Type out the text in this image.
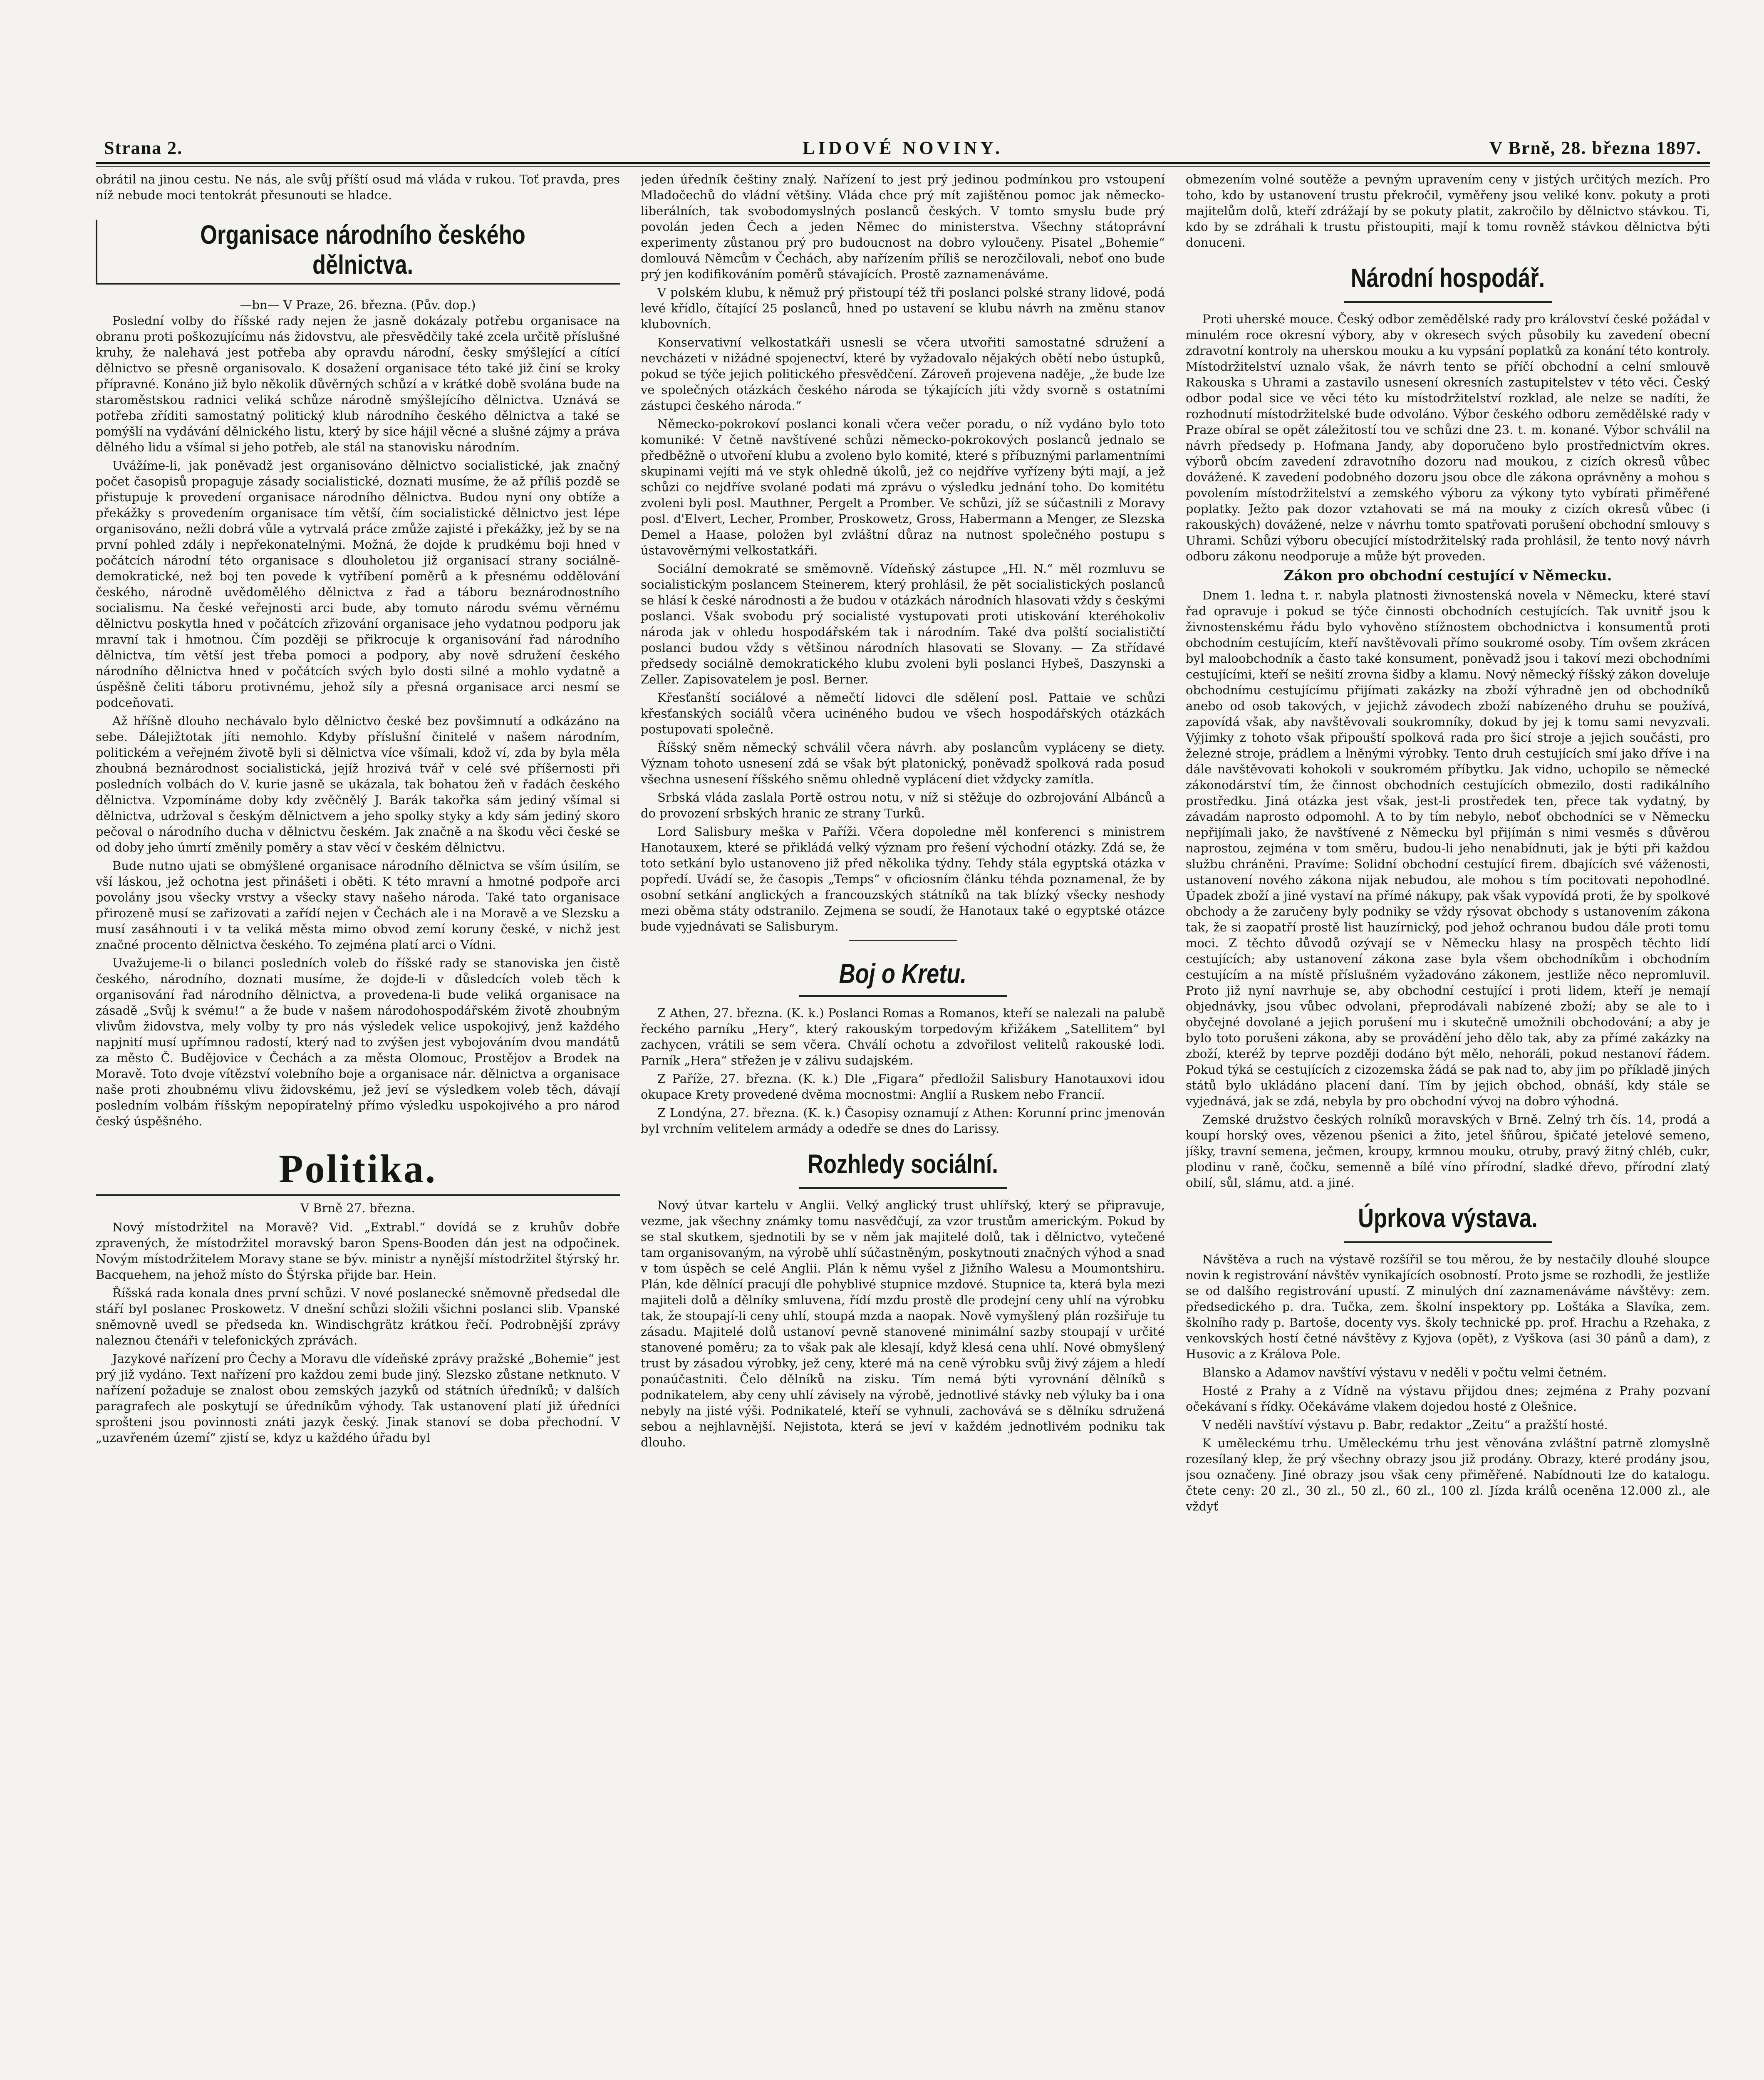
Strana 2.	LIDOVÉ NOVINY.	V Brně, 28. března 1897.

obrátil na jinou cestu. Ne nás, ale svůj příští osud má vláda v rukou. Toť pravda, pres níž nebude moci tentokrát přesunouti se hladce.

Organisace národního českého
dělnictva.
—bn— V Praze, 26. března. (Pův. dop.)

Poslední volby do říšské rady nejen že jasně dokázaly potřebu organisace na obranu proti poškozujícímu nás židovstvu, ale přesvědčily také zcela určitě příslušné kruhy, že nalehavá jest potřeba aby opravdu národní, česky smýšlející a cítící dělnictvo se přesně organisovalo. K dosažení organisace této také již činí se kroky přípravné. Konáno již bylo několik důvěrných schůzí a v krátké době svolána bude na staroměstskou radnici veliká schůze národně smýšlejícího dělnictva. Uznává se potřeba zříditi samostatný politický klub národního českého dělnictva a také se pomýšlí na vydávání dělnického listu, který by sice hájil věcné a slušné zájmy a práva dělného lidu a všímal si jeho potřeb, ale stál na stanovisku národním.

Uvážíme-li, jak poněvadž jest organisováno dělnictvo socialistické, jak značný počet časopisů propaguje zásady socialistické, doznati musíme, že až příliš pozdě se přistupuje k provedení organisace národního dělnictva. Budou nyní ony obtíže a překážky s provedením organisace tím větší, čím socialistické dělnictvo jest lépe organisováno, nežli dobrá vůle a vytrvalá práce zmůže zajisté i překážky, jež by se na první pohled zdály i nepřekonatelnými. Možná, že dojde k prudkému boji hned v počátcích národní této organisace s dlouholetou již organisací strany sociálně-demokratické, než boj ten povede k vytříbení poměrů a k přesnému oddělování českého, národně uvědomělého dělnictva z řad a táboru beznárodnostního socialismu. Na české veřejnosti arci bude, aby tomuto národu svému věrnému dělnictvu poskytla hned v počátcích zřizování organisace jeho vydatnou podporu jak mravní tak i hmotnou. Čím později se přikrocuje k organisování řad národního dělnictva, tím větší jest třeba pomoci a podpory, aby nově sdružení českého národního dělnictva hned v počátcích svých bylo dosti silné a mohlo vydatně a úspěšně čeliti táboru protivnému, jehož síly a přesná organisace arci nesmí se podceňovati.

Až hříšně dlouho nechávalo bylo dělnictvo české bez povšimnutí a odkázáno na sebe. Dálejižtotak jíti nemohlo. Kdyby příslušní činitelé v našem národním, politickém a veřejném životě byli si dělnictva více všímali, kdož ví, zda by byla měla zhoubná beznárodnost socialistická, jejíž hrozivá tvář v celé své příšernosti při posledních volbách do V. kurie jasně se ukázala, tak bohatou žeň v řadách českého dělnictva. Vzpomínáme doby kdy zvěčnělý J. Barák takořka sám jediný všímal si dělnictva, udržoval s českým dělnictvem a jeho spolky styky a kdy sám jediný skoro pečoval o národního ducha v dělnictvu českém. Jak značně a na škodu věci české se od doby jeho úmrtí změnily poměry a stav věcí v českém dělnictvu.

Bude nutno ujati se obmýšlené organisace národního dělnictva se vším úsilím, se vší láskou, jež ochotna jest přinášeti i oběti. K této mravní a hmotné podpoře arci povolány jsou všecky vrstvy a všecky stavy našeho národa. Také tato organisace přirozeně musí se zařizovati a zařídí nejen v Čechách ale i na Moravě a ve Slezsku a musí zasáhnouti i v ta veliká města mimo obvod zemí koruny české, v nichž jest značné procento dělnictva českého. To zejména platí arci o Vídni.

Uvažujeme-li o bilanci posledních voleb do říšské rady se stanoviska jen čistě českého, národního, doznati musíme, že dojde-li v důsledcích voleb těch k organisování řad národního dělnictva, a provedena-li bude veliká organisace na zásadě „Svůj k svému!“ a že bude v našem národohospodářském životě zhoubným vlivům židovstva, mely volby ty pro nás výsledek velice uspokojivý, jenž každého napjnití musí upřímnou radostí, který nad to zvýšen jest vybojováním dvou mandátů za město Č. Budějovice v Čechách a za města Olomouc, Prostějov a Brodek na Moravě. Toto dvoje vítězství volebního boje a organisace nár. dělnictva a organisace naše proti zhoubnému vlivu židovskému, jež jeví se výsledkem voleb těch, dávají posledním volbám říšským nepopíratelný přímo výsledku uspokojivého a pro národ český úspěšného.

Politika.
V Brně 27. března.

Nový místodržitel na Moravě? Vid. „Extrabl.“ dovídá se z kruhův dobře zpravených, že místodržitel moravský baron Spens-Booden dán jest na odpočinek. Novým místodržitelem Moravy stane se býv. ministr a nynější místodržitel štýrský hr. Bacquehem, na jehož místo do Štýrska přijde bar. Hein.

Říšská rada konala dnes první schůzi. V nové poslanecké sněmovně předsedal dle stáří byl poslanec Proskowetz. V dnešní schůzi složili všichni poslanci slib. Vpanské sněmovně uvedl se předseda kn. Windischgrätz krátkou řečí. Podrobnější zprávy naleznou čtenáři v telefonických zprávách.

Jazykové nařízení pro Čechy a Moravu dle vídeňské zprávy pražské „Bohemie“ jest prý již vydáno. Text nařízení pro každou zemi bude jiný. Slezsko zůstane netknuto. V nařízení požaduje se znalost obou zemských jazyků od státních úředníků; v dalších paragrafech ale poskytují se úředníkům výhody. Tak ustanovení platí již úředníci sprošteni jsou povinnosti znáti jazyk český. Jinak stanoví se doba přechodní. V „uzavřeném území“ zjistí se, kdyz u každého úřadu byl

jeden úředník češtiny znalý. Nařízení to jest prý jedinou podmínkou pro vstoupení Mladočechů do vládní většiny. Vláda chce prý mít zajištěnou pomoc jak německo-liberálních, tak svobodomyslných poslanců českých. V tomto smyslu bude prý povolán jeden Čech a jeden Němec do ministerstva. Všechny státoprávní experimenty zůstanou prý pro budoucnost na dobro vyloučeny. Pisatel „Bohemie“ domlouvá Němcům v Čechách, aby nařízením příliš se nerozčilovali, neboť ono bude prý jen kodifikováním poměrů stávajících. Prostě zaznamenáváme.

V polském klubu, k němuž prý přistoupí též tři poslanci polské strany lidové, podá levé křídlo, čítající 25 poslanců, hned po ustavení se klubu návrh na změnu stanov klubovních.

Konservativní velkostatkáři usnesli se včera utvořiti samostatné sdružení a nevcházeti v nižádné spojenectví, které by vyžadovalo nějakých obětí nebo ústupků, pokud se týče jejich politického přesvědčení. Zároveň projevena naděje, „že bude lze ve společných otázkách českého národa se týkajících jíti vždy svorně s ostatními zástupci českého národa.“

Německo-pokrokoví poslanci konali včera večer poradu, o níž vydáno bylo toto komuniké: V četně navštívené schůzi německo-pokrokových poslanců jednalo se předběžně o utvoření klubu a zvoleno bylo komité, které s příbuznými parlamentními skupinami vejíti má ve styk ohledně úkolů, jež co nejdříve vyřízeny býti mají, a jež schůzi co nejdříve svolané podati má zprávu o výsledku jednání toho. Do komitétu zvoleni byli posl. Mauthner, Pergelt a Promber. Ve schůzi, jíž se súčastnili z Moravy posl. d'Elvert, Lecher, Promber, Proskowetz, Gross, Habermann a Menger, ze Slezska Demel a Haase, položen byl zvláštní důraz na nutnost společného postupu s ústavověrnými velkostatkáři.

Sociální demokraté se směmovně. Vídeňský zástupce „Hl. N.“ měl rozmluvu se socialistickým poslancem Steinerem, který prohlásil, že pět socialistických poslanců se hlásí k české národnosti a že budou v otázkách národních hlasovati vždy s českými poslanci. Však svobodu prý socialisté vystupovati proti utiskování kteréhokoliv národa jak v ohledu hospodářském tak i národním. Také dva polští socialističtí poslanci budou vždy s většinou národních hlasovati se Slovany. — Za střídavé předsedy sociálně demokratického klubu zvoleni byli poslanci Hybeš, Daszynski a Zeller. Zapisovatelem je posl. Berner.

Křesťanští sociálové a němečtí lidovci dle sdělení posl. Pattaie ve schůzi křesťanských sociálů včera ucinéného budou ve všech hospodářských otázkách postupovati společně.

Říšský sněm německý schválil včera návrh. aby poslancům vypláceny se diety. Význam tohoto usnesení zdá se však být platonický, poněvadž spolková rada posud všechna usnesení říšského sněmu ohledně vyplácení diet vždycky zamítla.

Srbská vláda zaslala Portě ostrou notu, v níž si stěžuje do ozbrojování Albánců a do provození srbských hranic ze strany Turků.

Lord Salisbury meška v Paříži. Včera dopoledne měl konferenci s ministrem Hanotauxem, které se přikládá velký význam pro řešení východní otázky. Zdá se, že toto setkání bylo ustanoveno již před několika týdny. Tehdy stála egyptská otázka v popředí. Uvádí se, že časopis „Temps“ v oficiosním článku téhda poznamenal, že by osobní setkání anglických a francouzských státníků na tak blízký všecky neshody mezi oběma státy odstranilo. Zejmena se soudí, že Hanotaux také o egyptské otázce bude vyjednávati se Salisburym.

Boj o Kretu.

Z Athen, 27. března. (K. k.) Poslanci Romas a Romanos, kteří se nalezali na palubě řeckého parníku „Hery“, který rakouským torpedovým křižákem „Satellitem“ byl zachycen, vrátili se sem včera. Chválí ochotu a zdvořilost velitelů rakouské lodi. Parník „Hera“ střežen je v zálivu sudajském.

Z Paříže, 27. března. (K. k.) Dle „Figara“ předložil Salisbury Hanotauxovi idou okupace Krety provedené dvěma mocnostmi: Anglií a Ruskem nebo Francií.

Z Londýna, 27. března. (K. k.) Časopisy oznamují z Athen: Korunní princ jmenován byl vrchním velitelem armády a odedře se dnes do Larissy.

Rozhledy sociální.

Nový útvar kartelu v Anglii. Velký anglický trust uhlířský, který se připravuje, vezme, jak všechny známky tomu nasvědčují, za vzor trustům americkým. Pokud by se stal skutkem, sjednotili by se v něm jak majitelé dolů, tak i dělnictvo, vytečené tam organisovaným, na výrobě uhlí súčastněným, poskytnouti značných výhod a snad v tom úspěch se celé Anglii. Plán k němu vyšel z Jižního Walesu a Moumontshiru. Plán, kde dělnící pracují dle pohyblivé stupnice mzdové. Stupnice ta, která byla mezi majiteli dolů a dělníky smluvena, řídí mzdu prostě dle prodejní ceny uhlí na výrobku tak, že stoupají-li ceny uhlí, stoupá mzda a naopak. Nově vymyšlený plán rozšiřuje tu zásadu. Majitelé dolů ustanoví pevně stanovené minimální sazby stoupají v určité stanovené poměru; za to však pak ale klesají, když klesá cena uhlí. Nové obmyšlený trust by zásadou výrobky, jež ceny, které má na ceně výrobku svůj živý zájem a hledí ponaúčastniti. Čelo dělníků na zisku. Tím nemá býti vyrovnání dělníků s podnikatelem, aby ceny uhlí závisely na výrobě, jednotlivé stávky neb výluky ba i ona nebyly na jisté výši. Podnikatelé, kteří se vyhnuli, zachovává se s dělníku sdružená sebou a nejhlavnější. Nejistota, která se jeví v každém jednotlivém podniku tak dlouho.

obmezením volné soutěže a pevným upravením ceny v jistých určitých mezích. Pro toho, kdo by ustanovení trustu překročil, vyměřeny jsou veliké konv. pokuty a proti majitelům dolů, kteří zdrážají by se pokuty platit, zakročilo by dělnictvo stávkou. Ti, kdo by se zdráhali k trustu přistoupiti, mají k tomu rovněž stávkou dělnictva býti donuceni.

Národní hospodář.

Proti uherské mouce. Český odbor zemědělské rady pro království české požádal v minulém roce okresní výbory, aby v okresech svých působily ku zavedení obecní zdravotní kontroly na uherskou mouku a ku vypsání poplatků za konání této kontroly. Místodržitelství uznalo však, že návrh tento se příčí obchodní a celní smlouvě Rakouska s Uhrami a zastavilo usnesení okresních zastupitelstev v této věci. Český odbor podal sice ve věci této ku místodržitelství rozklad, ale nelze se nadíti, že rozhodnutí místodržitelské bude odvoláno. Výbor českého odboru zemědělské rady v Praze obíral se opět záležitostí tou ve schůzi dne 23. t. m. konané. Výbor schválil na návrh předsedy p. Hofmana Jandy, aby doporučeno bylo prostřednictvím okres. výborů obcím zavedení zdravotního dozoru nad moukou, z cizích okresů vůbec dovážené. K zavedení podobného dozoru jsou obce dle zákona oprávněny a mohou s povolením místodržitelství a zemského výboru za výkony tyto vybírati přiměřené poplatky. Ježto pak dozor vztahovati se má na mouky z cizích okresů vůbec (i rakouských) dovážené, nelze v návrhu tomto spatřovati porušení obchodní smlouvy s Uhrami. Schůzi výboru obecující místodržitelský rada prohlásil, že tento nový návrh odboru zákonu neodporuje a může být proveden.

Zákon pro obchodní cestující v Německu.

Dnem 1. ledna t. r. nabyla platnosti živnostenská novela v Německu, které staví řad opravuje i pokud se týče činnosti obchodních cestujících. Tak uvnitř jsou k živnostenskému řádu bylo vyhověno stížnostem obchodnictva i konsumentů proti obchodním cestujícím, kteří navštěvovali přímo soukromé osoby. Tím ovšem zkrácen byl maloobchodník a často také konsument, poněvadž jsou i takoví mezi obchodními cestujícími, kteří se nešití zrovna šidby a klamu. Nový německý říšský zákon doveluje obchodnímu cestujícímu přijímati zakázky na zboží výhradně jen od obchodníků anebo od osob takových, v jejichž závodech zboží nabízeného druhu se používá, zapovídá však, aby navštěvovali soukromníky, dokud by jej k tomu sami nevyzvali. Výjimky z tohoto však připouští spolková rada pro šicí stroje a jejich součásti, pro železné stroje, prádlem a lněnými výrobky. Tento druh cestujících smí jako dříve i na dále navštěvovati kohokoli v soukromém příbytku. Jak vidno, uchopilo se německé zákonodárství tím, že činnost obchodních cestujících obmezilo, dosti radikálního prostředku. Jiná otázka jest však, jest-li prostředek ten, přece tak vydatný, by závadám naprosto odpomohl. A to by tím nebylo, neboť obchodníci se v Německu nepřijímali jako, že navštívené z Německu byl přijímán s nimi vesměs s důvěrou naprostou, zejména v tom směru, budou-li jeho nenabídnuti, jak je býti při každou službu chráněni. Pravíme: Solidní obchodní cestující firem. dbajících své váženosti, ustanovení nového zákona nijak nebudou, ale mohou s tím pocitovati nepohodlné. Úpadek zboží a jiné vystaví na přímé nákupy, pak však vypovídá proti, že by spolkové obchody a že zaručeny byly podniky se vždy rýsovat obchody s ustanovením zákona tak, že si zaopatří prostě list hauzírnický, pod jehož ochranou budou dále proti tomu moci. Z těchto důvodů ozývají se v Německu hlasy na prospěch těchto lidí cestujících; aby ustanovení zákona zase byla všem obchodníkům i obchodním cestujícím a na místě příslušném vyžadováno zákonem, jestliže něco nepromluvil. Proto již nyní navrhuje se, aby obchodní cestující i proti lidem, kteří je nemají objednávky, jsou vůbec odvolani, přeprodávali nabízené zboží; aby se ale to i obyčejné dovolané a jejich porušení mu i skutečně umožnili obchodování; a aby je bylo toto porušeni zákona, aby se provádění jeho dělo tak, aby za přímé zakázky na zboží, kteréž by teprve později dodáno být mělo, nehoráli, pokud nestanoví řádem. Pokud týká se cestujících z cizozemska žádá se pak nad to, aby jim po příkladě jiných států bylo ukládáno placení daní. Tím by jejich obchod, obnáší, kdy stále se vyjednává, jak se zdá, nebyla by pro obchodní vývoj na dobro výhodná.

Zemské družstvo českých rolníků moravských v Brně. Zelný trh čís. 14, prodá a koupí horský oves, vězenou pšenici a žito, jetel šňůrou, špičaté jetelové semeno, jíšky, travní semena, ječmen, kroupy, krmnou mouku, otruby, pravý žitný chléb, cukr, plodinu v raně, čočku, semenně a bílé víno přírodní, sladké dřevo, přírodní zlatý obilí, sůl, slámu, atd. a jiné.

Úprkova výstava.

Návštěva a ruch na výstavě rozšířil se tou měrou, že by nestačily dlouhé sloupce novin k registrování návštěv vynikajících osobností. Proto jsme se rozhodli, že jestliže se od dalšího registrování upustí. Z minulých dní zaznamenáváme návštěvy: zem. předsedického p. dra. Tučka, zem. školní inspektory pp. Loštáka a Slavíka, zem. školního rady p. Bartoše, docenty vys. školy technické pp. prof. Hrachu a Rzehaka, z venkovských hostí četné návštěvy z Kyjova (opět), z Vyškova (asi 30 pánů a dam), z Husovic a z Králova Pole.

Blansko a Adamov navštíví výstavu v neděli v počtu velmi četném.

Hosté z Prahy a z Vídně na výstavu přijdou dnes; zejména z Prahy pozvaní očekávaní s řídky. Očekáváme vlakem dojedou hosté z Olešnice.

V neděli navštíví výstavu p. Babr, redaktor „Zeitu“ a pražští hosté.

K uměleckému trhu. Uměleckému trhu jest věnována zvláštní patrně zlomyslně rozesílaný klep, že prý všechny obrazy jsou již prodány. Obrazy, které prodány jsou, jsou označeny. Jiné obrazy jsou však ceny přiměřené. Nabídnouti lze do katalogu. čtete ceny: 20 zl., 30 zl., 50 zl., 60 zl., 100 zl. Jízda králů oceněna 12.000 zl., ale vždyť
